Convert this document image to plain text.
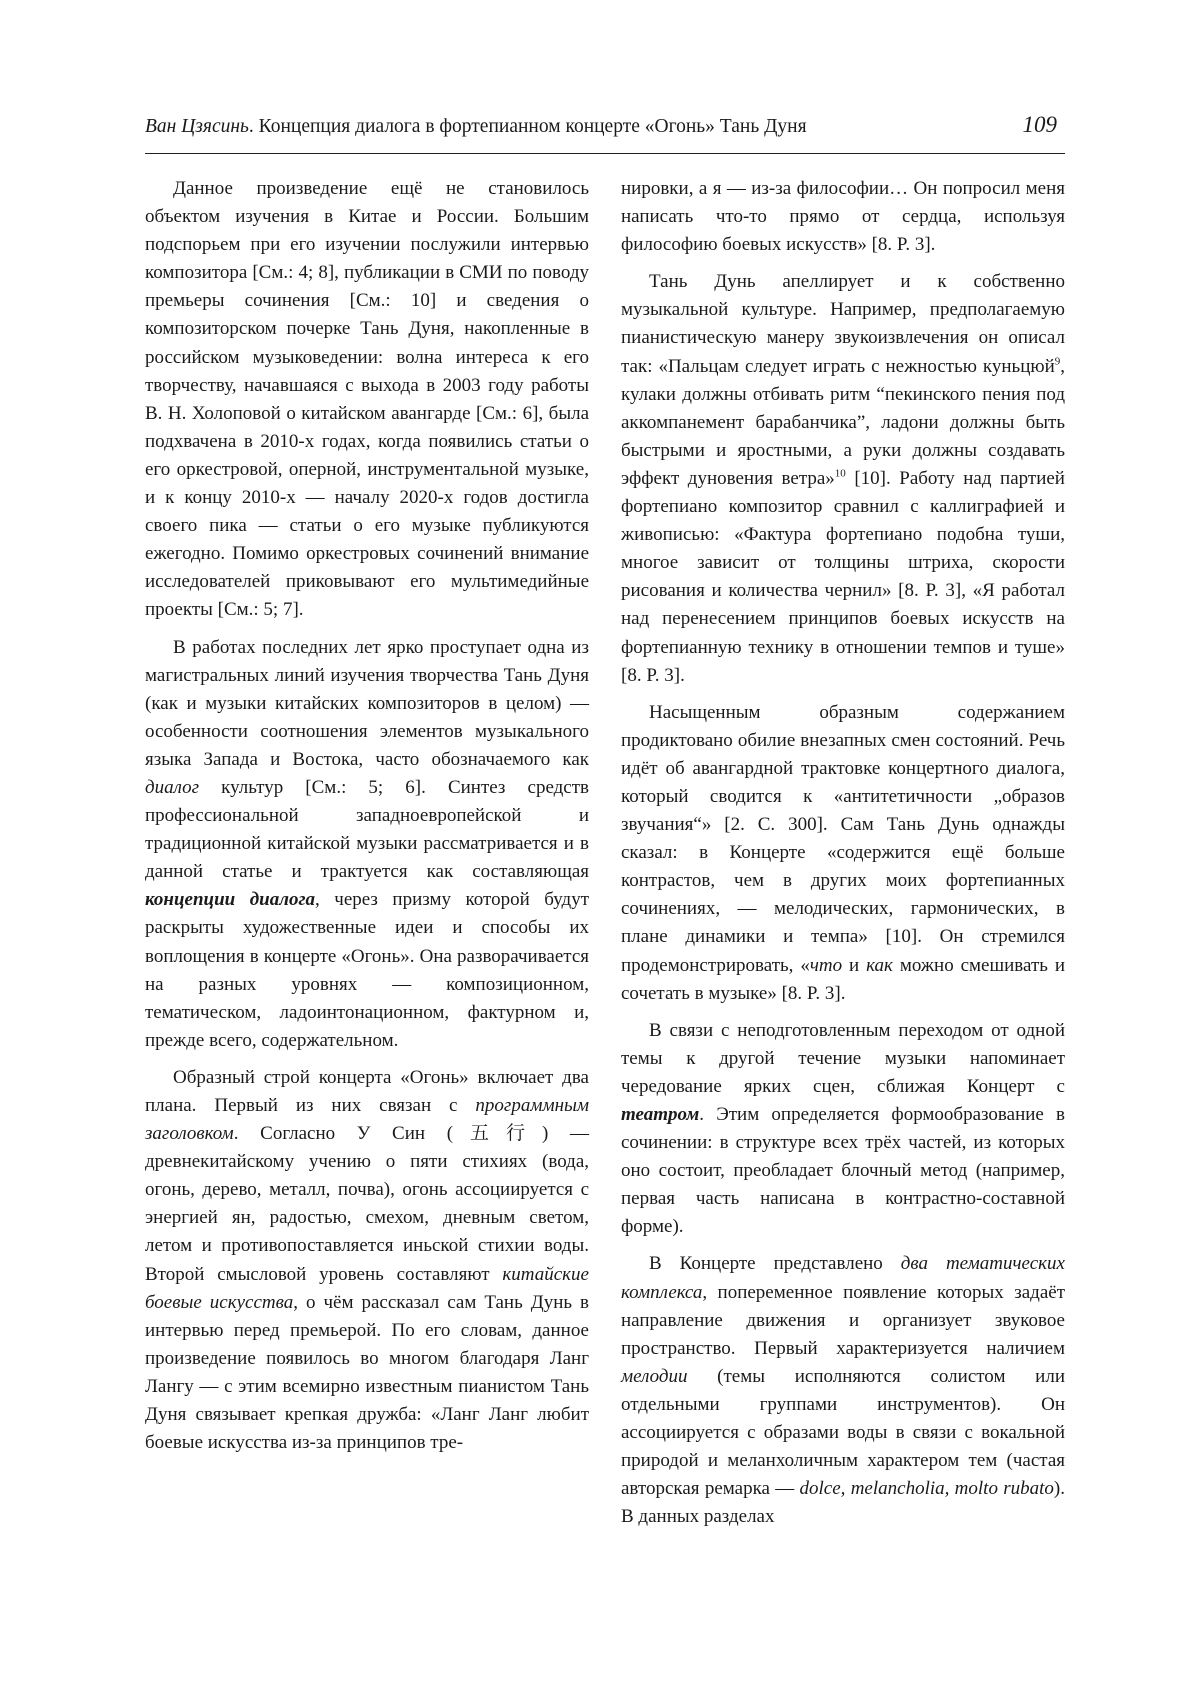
Ван Цзясинь. Концепция диалога в фортепианном концерте «Огонь» Тань Дуня	109

Данное произведение ещё не становилось объектом изучения в Китае и России. Большим подспорьем при его изучении послужили интервью композитора [См.: 4; 8], публикации в СМИ по поводу премьеры сочинения [См.: 10] и сведения о композиторском почерке Тань Дуня, накопленные в российском музыковедении: волна интереса к его творчеству, начавшаяся с выхода в 2003 году работы В. Н. Холоповой о китайском авангарде [См.: 6], была подхвачена в 2010-х годах, когда появились статьи о его оркестровой, оперной, инструментальной музыке, и к концу 2010-х — началу 2020-х годов достигла своего пика — статьи о его музыке публикуются ежегодно. Помимо оркестровых сочинений внимание исследователей приковывают его мультимедийные проекты [См.: 5; 7].

В работах последних лет ярко проступает одна из магистральных линий изучения творчества Тань Дуня (как и музыки китайских композиторов в целом) — особенности соотношения элементов музыкального языка Запада и Востока, часто обозначаемого как диалог культур [См.: 5; 6]. Синтез средств профессиональной западноевропейской и традиционной китайской музыки рассматривается и в данной статье и трактуется как составляющая концепции диалога, через призму которой будут раскрыты художественные идеи и способы их воплощения в концерте «Огонь». Она разворачивается на разных уровнях — композиционном, тематическом, ладоинтонационном, фактурном и, прежде всего, содержательном.

Образный строй концерта «Огонь» включает два плана. Первый из них связан с программным заголовком. Согласно У Син (五行) — древнекитайскому учению о пяти стихиях (вода, огонь, дерево, металл, почва), огонь ассоциируется с энергией ян, радостью, смехом, дневным светом, летом и противопоставляется иньской стихии воды. Второй смысловой уровень составляют китайские боевые искусства, о чём рассказал сам Тань Дунь в интервью перед премьерой. По его словам, данное произведение появилось во многом благодаря Ланг Лангу — с этим всемирно известным пианистом Тань Дуня связывает крепкая дружба: «Ланг Ланг любит боевые искусства из-за принципов тре-

нировки, а я — из-за философии… Он попросил меня написать что-то прямо от сердца, используя философию боевых искусств» [8. P. 3].

Тань Дунь апеллирует и к собственно музыкальной культуре. Например, предполагаемую пианистическую манеру звукоизвлечения он описал так: «Пальцам следует играть с нежностью куньцюй$^9$, кулаки должны отбивать ритм “пекинского пения под аккомпанемент барабанчика”, ладони должны быть быстрыми и яростными, а руки должны создавать эффект дуновения ветра»$^{10}$ [10]. Работу над партией фортепиано композитор сравнил с каллиграфией и живописью: «Фактура фортепиано подобна туши, многое зависит от толщины штриха, скорости рисования и количества чернил» [8. P. 3], «Я работал над перенесением принципов боевых искусств на фортепианную технику в отношении темпов и туше» [8. P. 3].

Насыщенным образным содержанием продиктовано обилие внезапных смен состояний. Речь идёт об авангардной трактовке концертного диалога, который сводится к «антитетичности „образов звучания“» [2. С. 300]. Сам Тань Дунь однажды сказал: в Концерте «содержится ещё больше контрастов, чем в других моих фортепианных сочинениях, — мелодических, гармонических, в плане динамики и темпа» [10]. Он стремился продемонстрировать, «что и как можно смешивать и сочетать в музыке» [8. P. 3].

В связи с неподготовленным переходом от одной темы к другой течение музыки напоминает чередование ярких сцен, сближая Концерт с театром. Этим определяется формообразование в сочинении: в структуре всех трёх частей, из которых оно состоит, преобладает блочный метод (например, первая часть написана в контрастно-составной форме).

В Концерте представлено два тематических комплекса, попеременное появление которых задаёт направление движения и организует звуковое пространство. Первый характеризуется наличием мелодии (темы исполняются солистом или отдельными группами инструментов). Он ассоциируется с образами воды в связи с вокальной природой и меланхоличным характером тем (частая авторская ремарка — dolce, melancholia, molto rubato). В данных разделах
